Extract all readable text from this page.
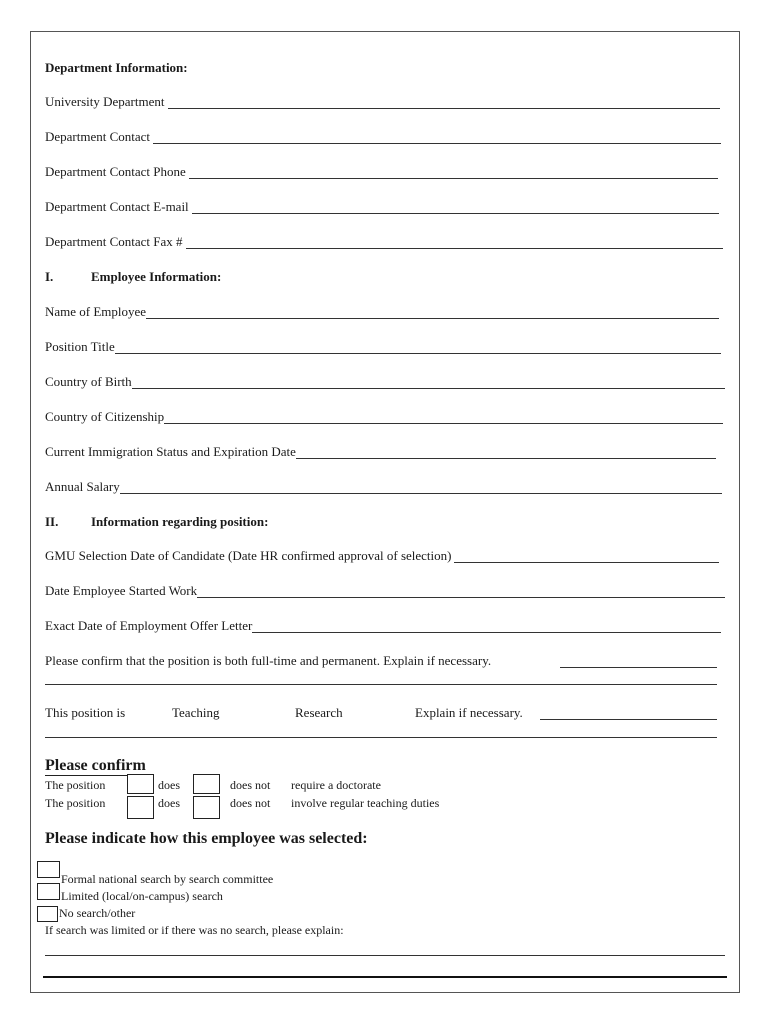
Department Information:
University Department
Department Contact
Department Contact Phone
Department Contact E-mail
Department Contact Fax #
I.	Employee Information:
Name of Employee
Position Title
Country of Birth
Country of Citizenship
Current Immigration Status and Expiration Date
Annual Salary
II.	Information regarding position:
GMU Selection Date of Candidate (Date HR confirmed approval of selection)
Date Employee Started Work
Exact Date of Employment Offer Letter
Please confirm that the position is both full-time and permanent. Explain if necessary.
This position is	Teaching	Research	Explain if necessary.
Please confirm
The position	does	does not require a doctorate
The position	does	does not involve regular teaching duties
Please indicate how this employee was selected:
Formal national search by search committee
Limited (local/on-campus) search
No search/other
If search was limited or if there was no search, please explain:
